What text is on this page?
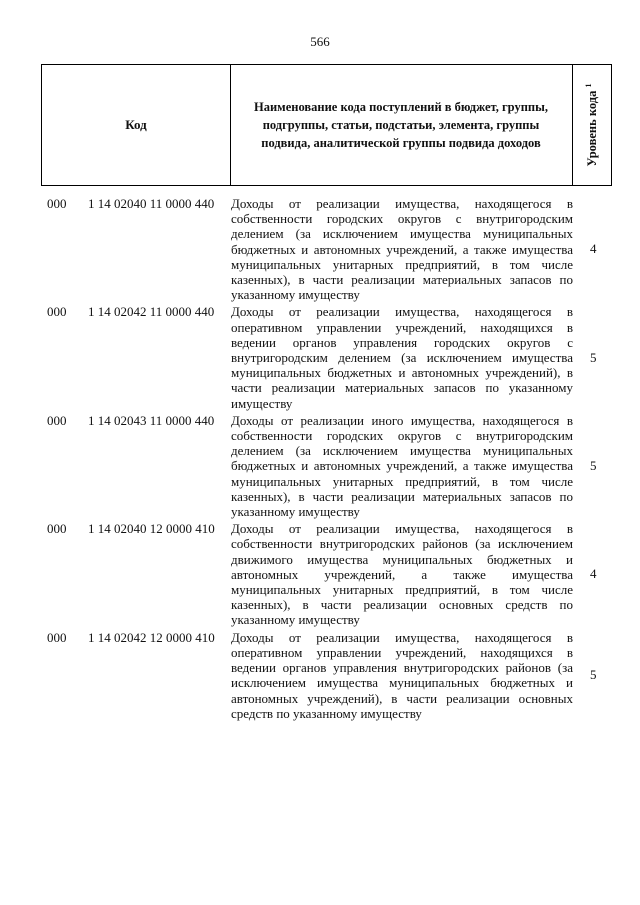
566
Код
Наименование кода поступлений в бюджет, группы, подгруппы, статьи, подстатьи, элемента, группы подвида, аналитической группы подвида доходов	Уровень кода $^1$
000 1 14 02040 11 0000 440 Доходы от реализации имущества, находящегося в собственности городских округов с внутригородским делением (за исключением имущества муниципальных бюджетных и автономных учреждений, а также имущества муниципальных унитарных предприятий, в том числе казенных), в части реализации материальных запасов по указанному имуществу
4
000 1 14 02042 11 0000 440 Доходы от реализации имущества, находящегося в оперативном управлении учреждений, находящихся в ведении органов управления городских округов с внутригородским делением (за исключением имущества муниципальных бюджетных и автономных учреждений), в части реализации материальных запасов по указанному имуществу
5
000 1 14 02043 11 0000 440 Доходы от реализации иного имущества, находящегося в собственности городских округов с внутригородским делением (за исключением имущества муниципальных бюджетных и автономных учреждений, а также имущества муниципальных унитарных предприятий, в том числе казенных), в части реализации материальных запасов по указанному имуществу
5
000 1 14 02040 12 0000 410 Доходы от реализации имущества, находящегося в собственности внутригородских районов (за исключением движимого имущества муниципальных бюджетных и автономных учреждений, а также имущества муниципальных унитарных предприятий, в том числе казенных), в части реализации основных средств по указанному имуществу
4
000 1 14 02042 12 0000 410 Доходы от реализации имущества, находящегося в оперативном управлении учреждений, находящихся в ведении органов управления внутригородских районов (за исключением имущества муниципальных бюджетных и автономных учреждений), в части реализации основных средств по указанному имуществу
5
